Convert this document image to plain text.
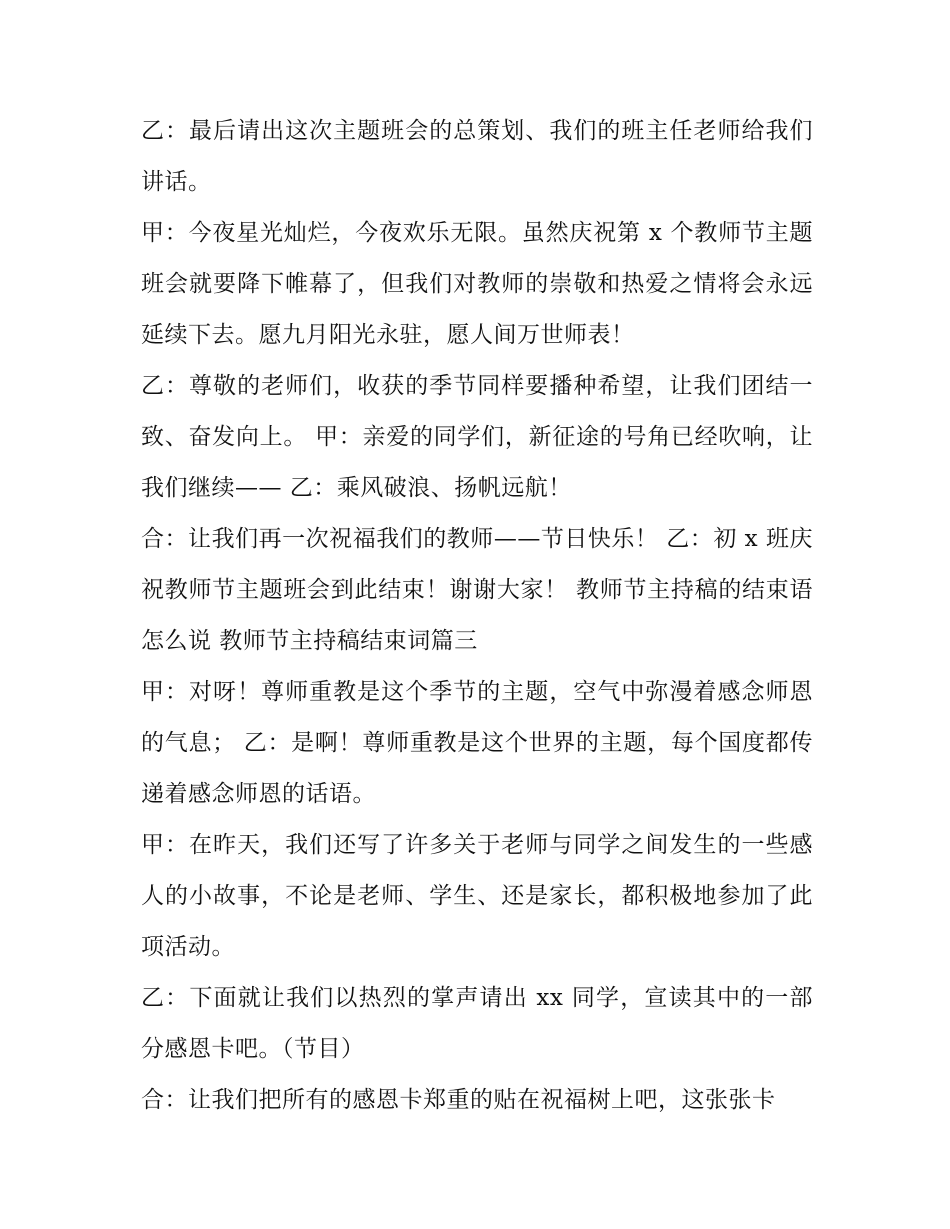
乙：最后请出这次主题班会的总策划、我们的班主任老师给我们讲话。

甲：今夜星光灿烂，今夜欢乐无限。虽然庆祝第 x 个教师节主题班会就要降下帷幕了，但我们对教师的崇敬和热爱之情将会永远延续下去。愿九月阳光永驻，愿人间万世师表！

乙：尊敬的老师们，收获的季节同样要播种希望，让我们团结一致、奋发向上。 甲：亲爱的同学们，新征途的号角已经吹响，让我们继续—— 乙：乘风破浪、扬帆远航！

合：让我们再一次祝福我们的教师——节日快乐！ 乙：初 x 班庆祝教师节主题班会到此结束！谢谢大家！ 教师节主持稿的结束语怎么说 教师节主持稿结束词篇三

甲：对呀！尊师重教是这个季节的主题，空气中弥漫着感念师恩的气息； 乙：是啊！尊师重教是这个世界的主题，每个国度都传递着感念师恩的话语。

甲：在昨天，我们还写了许多关于老师与同学之间发生的一些感人的小故事，不论是老师、学生、还是家长，都积极地参加了此项活动。

乙：下面就让我们以热烈的掌声请出 xx 同学，宣读其中的一部分感恩卡吧。（节目）

合：让我们把所有的感恩卡郑重的贴在祝福树上吧，这张张卡
